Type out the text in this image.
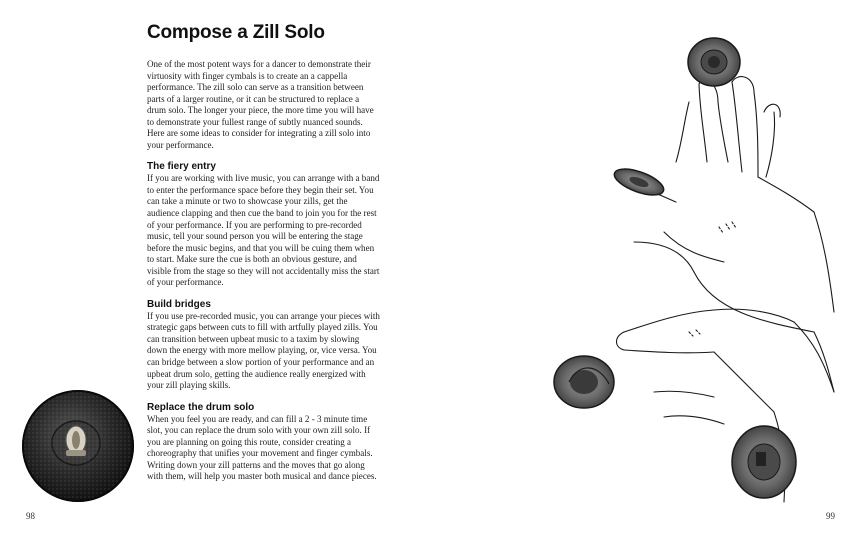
Compose a Zill Solo

One of the most potent ways for a dancer to demonstrate their virtuosity with finger cymbals is to create an a cappella performance. The zill solo can serve as a transition between parts of a larger routine, or it can be structured to replace a drum solo. The longer your piece, the more time you will have to demonstrate your fullest range of subtly nuanced sounds. Here are some ideas to consider for integrating a zill solo into your performance.

The fiery entry

If you are working with live music, you can arrange with a band to enter the performance space before they begin their set. You can take a minute or two to showcase your zills, get the audience clapping and then cue the band to join you for the rest of your performance. If you are performing to pre-recorded music, tell your sound person you will be entering the stage before the music begins, and that you will be cuing them when to start. Make sure the cue is both an obvious gesture, and visible from the stage so they will not accidentally miss the start of your performance.

Build bridges

If you use pre-recorded music, you can arrange your pieces with strategic gaps between cuts to fill with artfully played zills. You can transition between upbeat music to a taxim by slowing down the energy with more mellow playing, or, vice versa. You can bridge between a slow portion of your performance and an upbeat drum solo, getting the audience really energized with your zill playing skills.

Replace the drum solo

When you feel you are ready, and can fill a 2 - 3 minute time slot, you can replace the drum solo with your own zill solo. If you are planning on going this route, consider creating a choreography that unifies your movement and finger cymbals. Writing down your zill patterns and the moves that go along with them, will help you master both musical and dance pieces.

98	99
